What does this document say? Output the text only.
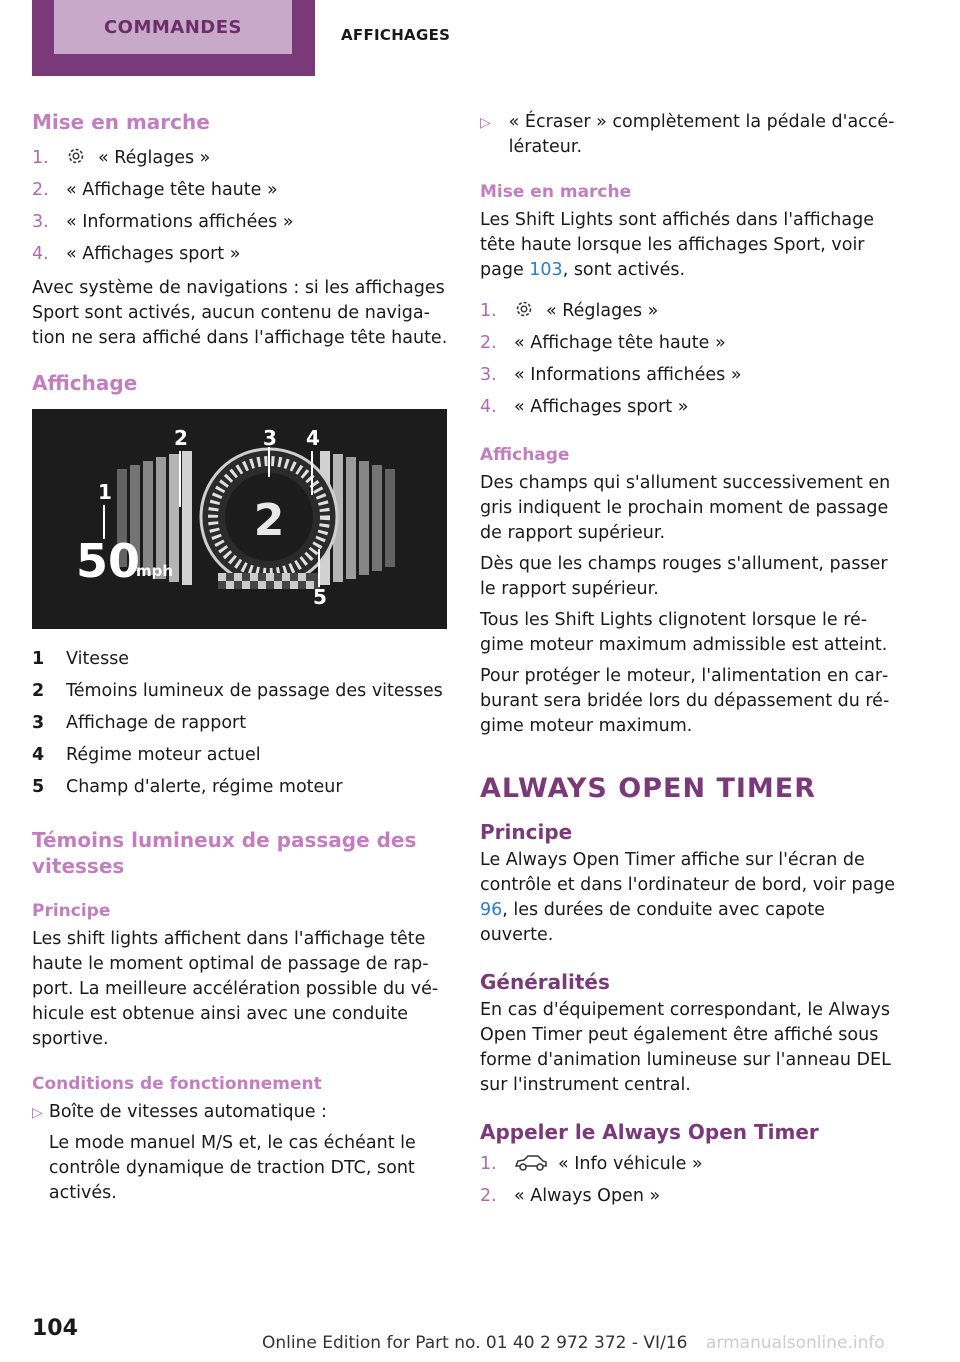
COMMANDES	AFFICHAGES
Mise en marche
1.	« Réglages »
2. « Affichage tête haute »
3. « Informations affichées »
4. « Affichages sport »

Avec système de navigations : si les affichages Sport sont activés, aucun contenu de naviga‐ tion ne sera affiché dans l'affichage tête haute.

Affichage
2
50
mph
1
2	3 4
5
1	Vitesse
2	Témoins lumineux de passage des vitesses
3	Affichage de rapport
4	Régime moteur actuel
5	Champ d'alerte, régime moteur
Témoins lumineux de passage des vitesses
Principe

Les shift lights affichent dans l'affichage tête haute le moment optimal de passage de rap‐ port. La meilleure accélération possible du vé‐ hicule est obtenue ainsi avec une conduite sportive.

Conditions de fonctionnement
▷ Boîte de vitesses automatique :
Le mode manuel M/S et, le cas échéant le contrôle dynamique de traction DTC, sont activés.
▷	« Écraser » complètement la pédale d'accé‐ lérateur.
Mise en marche

Les Shift Lights sont affichés dans l'affichage tête haute lorsque les affichages Sport, voir page 103, sont activés.

1.	« Réglages »
2. « Affichage tête haute »
3. « Informations affichées »
4. « Affichages sport »
Affichage

Des champs qui s'allument successivement en gris indiquent le prochain moment de passage de rapport supérieur.

Dès que les champs rouges s'allument, passer le rapport supérieur.

Tous les Shift Lights clignotent lorsque le ré‐ gime moteur maximum admissible est atteint.

Pour protéger le moteur, l'alimentation en car‐ burant sera bridée lors du dépassement du ré‐ gime moteur maximum.

ALWAYS OPEN TIMER
Principe

Le Always Open Timer affiche sur l'écran de contrôle et dans l'ordinateur de bord, voir page 96, les durées de conduite avec capote ouverte.

Généralités

En cas d'équipement correspondant, le Always Open Timer peut également être affiché sous forme d'animation lumineuse sur l'anneau DEL sur l'instrument central.

Appeler le Always Open Timer
1.	« Info véhicule »
2. « Always Open »
104
Online Edition for Part no. 01 40 2 972 372 - VI/16 armanualsonline.info
